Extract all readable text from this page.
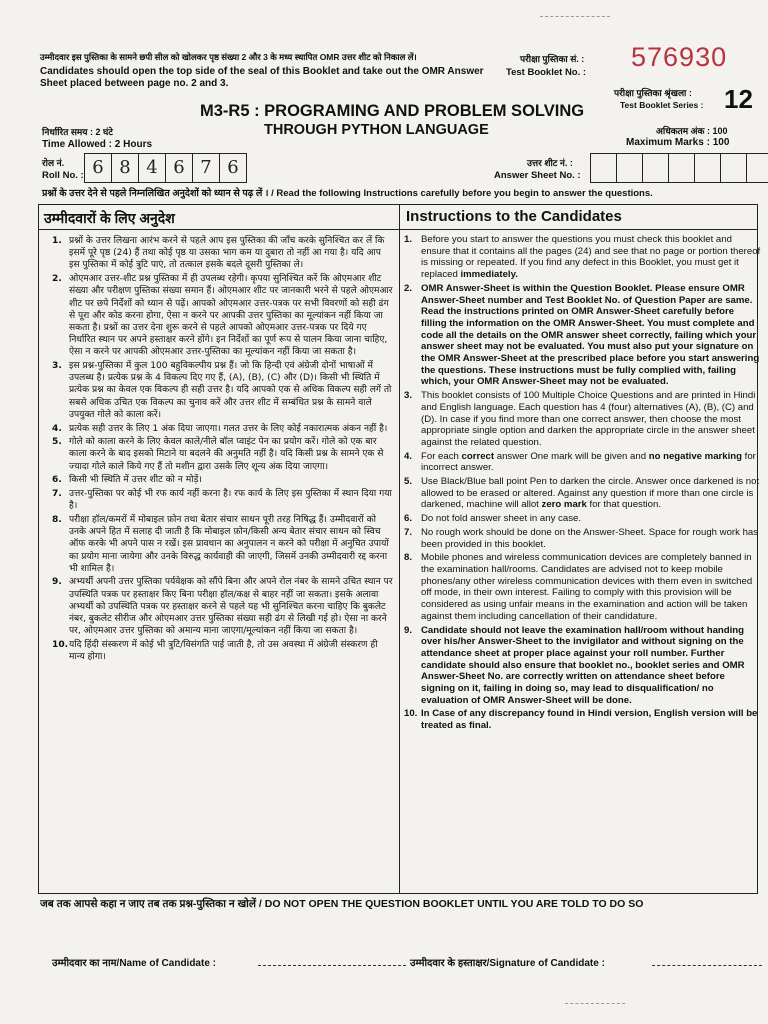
उम्मीदवार इस पुस्तिका के सामने छपी सील को खोलकर पृष्ठ संख्या 2 और 3 के मध्य स्थापित OMR उत्तर शीट को निकाल लें।
Candidates should open the top side of the seal of this Booklet and take out the OMR Answer Sheet placed between page no. 2 and 3.
परीक्षा पुस्तिका सं. :
Test Booklet No. :
576930
परीक्षा पुस्तिका श्रृंखला :
Test Booklet Series : 12
M3-R5 : PROGRAMING AND PROBLEM SOLVING
THROUGH PYTHON LANGUAGE
निर्धारित समय : 2 घंटे
Time Allowed : 2 Hours
अधिकतम अंक : 100
Maximum Marks : 100
रोल नं.
Roll No. : 6 8 4 6 7 6	उत्तर शीट नं. :
Answer Sheet No. :
प्रश्नों के उत्तर देने से पहले निम्नलिखित अनुदेशों को ध्यान से पढ़ लें । / Read the following Instructions carefully before you begin to answer the questions.
उम्मीदवारों के लिए अनुदेश	Instructions to the Candidates
1. प्रश्नों के उत्तर लिखना आरंभ करने से पहले आप इस पुस्तिका की जाँच करके सुनिश्चित कर लें कि इसमें पूरे पृष्ठ (24) हैं तथा कोई पृष्ठ या उसका भाग कम या दुबारा तो नहीं आ गया है। यदि आप इस पुस्तिका में कोई त्रुटि पाएं, तो तत्काल इसके बदले दूसरी पुस्तिका ले।
2. ओएमआर उत्तर-शीट प्रश्न पुस्तिका में ही उपलब्ध रहेगी। कृपया सुनिश्चित करें कि ओएमआर शीट संख्या और परीक्षण पुस्तिका संख्या समान हैं। ओएमआर शीट पर जानकारी भरने से पहले ओएमआर शीट पर छपे निर्देशों को ध्यान से पढ़ें। आपको ओएमआर उत्तर-पत्रक पर सभी विवरणों को सही ढंग से पूरा और कोड करना होगा, ऐसा न करने पर आपकी उत्तर पुस्तिका का मूल्यांकन नहीं किया जा सकता है। प्रश्नों का उत्तर देना शुरू करने से पहले आपको ओएमआर उत्तर-पत्रक पर दिये गए निर्धारित स्थान पर अपने हस्ताक्षर करने होंगे। इन निर्देशों का पूर्ण रूप से पालन किया जाना चाहिए, ऐसा न करने पर आपकी ओएमआर उत्तर-पुस्तिका का मूल्यांकन नहीं किया जा सकता है।
3. इस प्रश्न-पुस्तिका में कुल 100 बहुविकल्पीय प्रश्न हैं। जो कि हिन्दी एवं अंग्रेजी दोनों भाषाओं में उपलब्ध है। प्रत्येक प्रश्न के 4 विकल्प दिए गए हैं, (A), (B), (C) और (D)। किसी भी स्थिति में प्रत्येक प्रश्न का केवल एक विकल्प ही सही उत्तर है। यदि आपको एक से अधिक विकल्प सही लगें तो सबसे अधिक उचित एक विकल्प का चुनाव करें और उत्तर शीट में सम्बंधित प्रश्न के सामने वाले उपयुक्त गोले को काला करें।
4. प्रत्येक सही उत्तर के लिए 1 अंक दिया जाएगा। गलत उत्तर के लिए कोई नकारात्मक अंकन नहीं है।
5. गोले को काला करने के लिए केवल काले/नीले बॉल प्वाइंट पेन का प्रयोग करें। गोले को एक बार काला करने के बाद इसको मिटाने या बदलने की अनुमति नहीं है। यदि किसी प्रश्न के सामने एक से ज्यादा गोले काले किये गए हैं तो मशीन द्वारा उसके लिए शून्य अंक दिया जाएगा।
6. किसी भी स्थिति में उत्तर शीट को न मोड़ें।
7. उत्तर-पुस्तिका पर कोई भी रफ कार्य नहीं करना है। रफ कार्य के लिए इस पुस्तिका में स्थान दिया गया है।
8. परीक्षा हॉल/कमरों में मोबाइल फ़ोन तथा बेतार संचार साधन पूरी तरह निषिद्ध हैं। उम्मीदवारों को उनके अपने हित में सलाह दी जाती है कि मोबाइल फ़ोन/किसी अन्य बेतार संचार साधन को स्विच ऑफ करके भी अपने पास न रखें। इस प्रावधान का अनुपालन न करने को परीक्षा में अनुचित उपायों का प्रयोग माना जायेगा और उनके विरुद्ध कार्यवाही की जाएगी, जिसमें उनकी उम्मीदवारी रद्द करना भी शामिल है।
9. अभ्यर्थी अपनी उत्तर पुस्तिका पर्यवेक्षक को सौंपे बिना और अपने रोल नंबर के सामने उचित स्थान पर उपस्थिति पत्रक पर हस्ताक्षर किए बिना परीक्षा हॉल/कक्ष से बाहर नहीं जा सकता। इसके अलावा अभ्यर्थी को उपस्थिति पत्रक पर हस्ताक्षर करने से पहले यह भी सुनिश्चित करना चाहिए कि बुकलेट नंबर, बुकलेट सीरीज और ओएमआर उत्तर पुस्तिका संख्या सही ढंग से लिखी गई हो। ऐसा ना करने पर, ओएमआर उत्तर पुस्तिका को अमान्य माना जाएगा/मूल्यांकन नहीं किया जा सकता है।
10. यदि हिंदी संस्करण में कोई भी त्रुटि/विसंगति पाई जाती है, तो उस अवस्था में अंग्रेजी संस्करण ही मान्य होगा।
1. Before you start to answer the questions you must check this booklet and ensure that it contains all the pages (24) and see that no page or portion thereof is missing or repeated. If you find any defect in this Booklet, you must get it replaced immediately.
2. OMR Answer-Sheet is within the Question Booklet. Please ensure OMR Answer-Sheet number and Test Booklet No. of Question Paper are same. Read the instructions printed on OMR Answer-Sheet carefully before filling the information on the OMR Answer-Sheet. You must complete and code all the details on the OMR answer sheet correctly, failing which your answer sheet may not be evaluated. You must also put your signature on the OMR Answer-Sheet at the prescribed place before you start answering the questions. These instructions must be fully complied with, failing which, your OMR Answer-Sheet may not be evaluated.
3. This booklet consists of 100 Multiple Choice Questions and are printed in Hindi and English language. Each question has 4 (four) alternatives (A), (B), (C) and (D). In case if you find more than one correct answer, then choose the most appropriate single option and darken the appropriate circle in the answer sheet against the related question.
4. For each correct answer One mark will be given and no negative marking for incorrect answer.
5. Use Black/Blue ball point Pen to darken the circle. Answer once darkened is not allowed to be erased or altered. Against any question if more than one circle is darkened, machine will allot zero mark for that question.
6. Do not fold answer sheet in any case.
7. No rough work should be done on the Answer-Sheet. Space for rough work has been provided in this booklet.
8. Mobile phones and wireless communication devices are completely banned in the examination hall/rooms. Candidates are advised not to keep mobile phones/any other wireless communication devices with them even in switched off mode, in their own interest. Failing to comply with this provision will be considered as using unfair means in the examination and action will be taken against them including cancellation of their candidature.
9. Candidate should not leave the examination hall/room without handing over his/her Answer-Sheet to the invigilator and without signing on the attendance sheet at proper place against your roll number. Further candidate should also ensure that booklet no., booklet series and OMR Answer-Sheet No. are correctly written on attendance sheet before signing on it, failing in doing so, may lead to disqualification/ no evaluation of OMR Answer-Sheet will be done.
10. In Case of any discrepancy found in Hindi version, English version will be treated as final.
जब तक आपसे कहा न जाए तब तक प्रश्न-पुस्तिका न खोलें / DO NOT OPEN THE QUESTION BOOKLET UNTIL YOU ARE TOLD TO DO SO
उम्मीदवार का नाम/Name of Candidate :	उम्मीदवार के हस्ताक्षर/Signature of Candidate :
